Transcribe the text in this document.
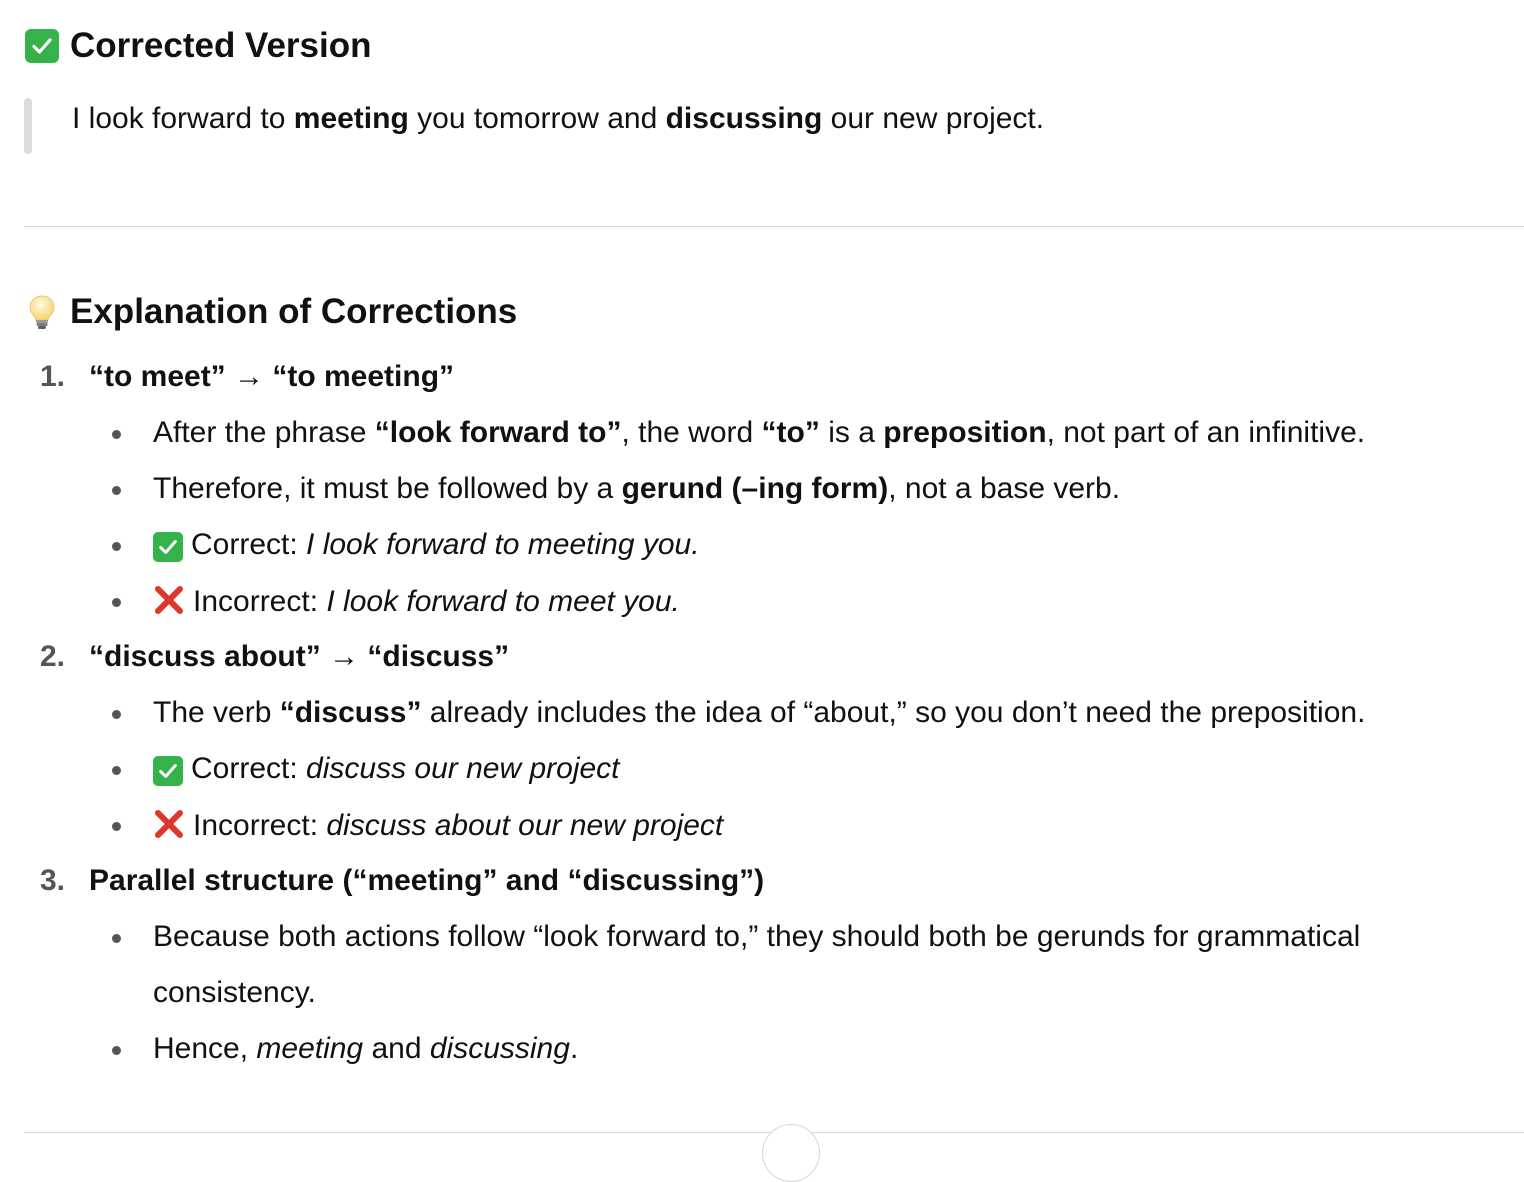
Corrected Version
I look forward to meeting you tomorrow and discussing our new project.
Explanation of Corrections
1. “to meet” → “to meeting”
After the phrase “look forward to”, the word “to” is a preposition, not part of an infinitive.
Therefore, it must be followed by a gerund (–ing form), not a base verb.
Correct: I look forward to meeting you.
Incorrect: I look forward to meet you.
2. “discuss about” → “discuss”
The verb “discuss” already includes the idea of “about,” so you don’t need the preposition.
Correct: discuss our new project
Incorrect: discuss about our new project
3. Parallel structure (“meeting” and “discussing”)
Because both actions follow “look forward to,” they should both be gerunds for grammatical
consistency.
Hence, meeting and discussing.
